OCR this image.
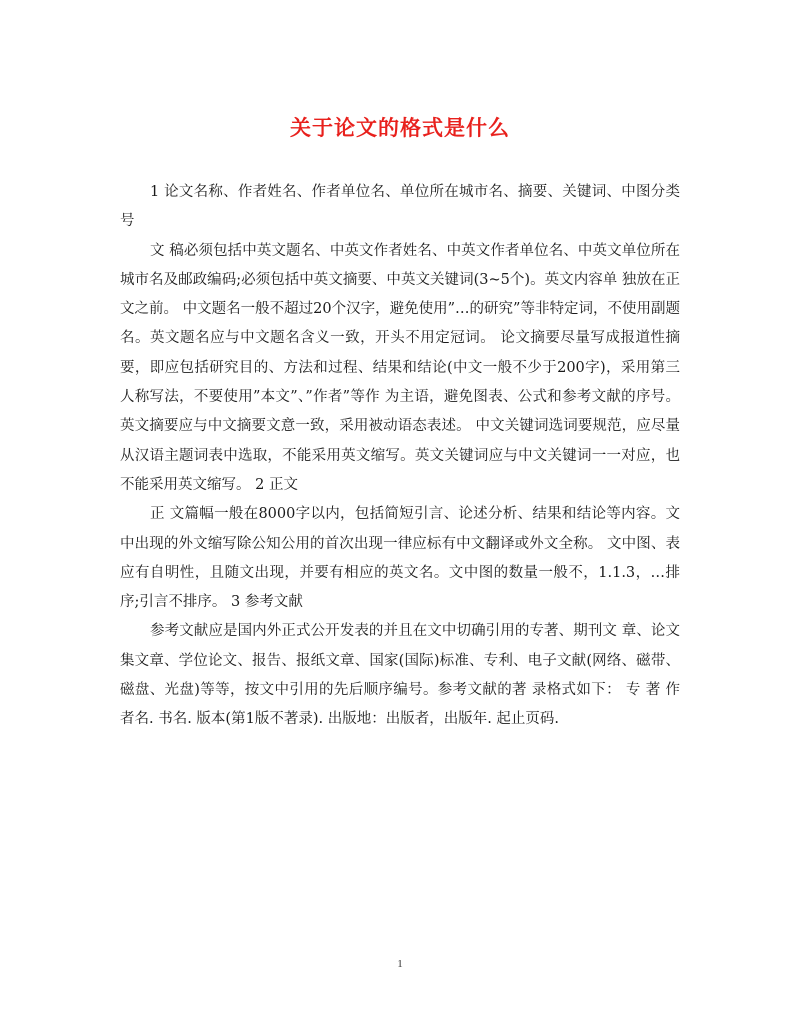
关于论文的格式是什么

1 论文名称、作者姓名、作者单位名、单位所在城市名、摘要、关键词、中图分类号

文 稿必须包括中英文题名、中英文作者姓名、中英文作者单位名、中英文单位所在城市名及邮政编码;必须包括中英文摘要、中英文关键词(3~5个)。英文内容单 独放在正文之前。 中文题名一般不超过20个汉字，避免使用”…的研究”等非特定词，不使用副题名。英文题名应与中文题名含义一致，开头不用定冠词。 论文摘要尽量写成报道性摘要，即应包括研究目的、方法和过程、结果和结论(中文一般不少于200字)，采用第三人称写法，不要使用”本文”、”作者”等作 为主语，避免图表、公式和参考文献的序号。英文摘要应与中文摘要文意一致，采用被动语态表述。 中文关键词选词要规范，应尽量从汉语主题词表中选取，不能采用英文缩写。英文关键词应与中文关键词一一对应，也不能采用英文缩写。 2 正文

正 文篇幅一般在8000字以内，包括简短引言、论述分析、结果和结论等内容。文中出现的外文缩写除公知公用的首次出现一律应标有中文翻译或外文全称。 文中图、表应有自明性，且随文出现，并要有相应的英文名。文中图的数量一般不，1.1.3，…排序;引言不排序。 3 参考文献

参考文献应是国内外正式公开发表的并且在文中切确引用的专著、期刊文 章、论文集文章、学位论文、报告、报纸文章、国家(国际)标准、专利、电子文献(网络、磁带、磁盘、光盘)等等，按文中引用的先后顺序编号。参考文献的著 录格式如下： 专 著 作者名. 书名. 版本(第1版不著录). 出版地：出版者，出版年. 起止页码.

1
